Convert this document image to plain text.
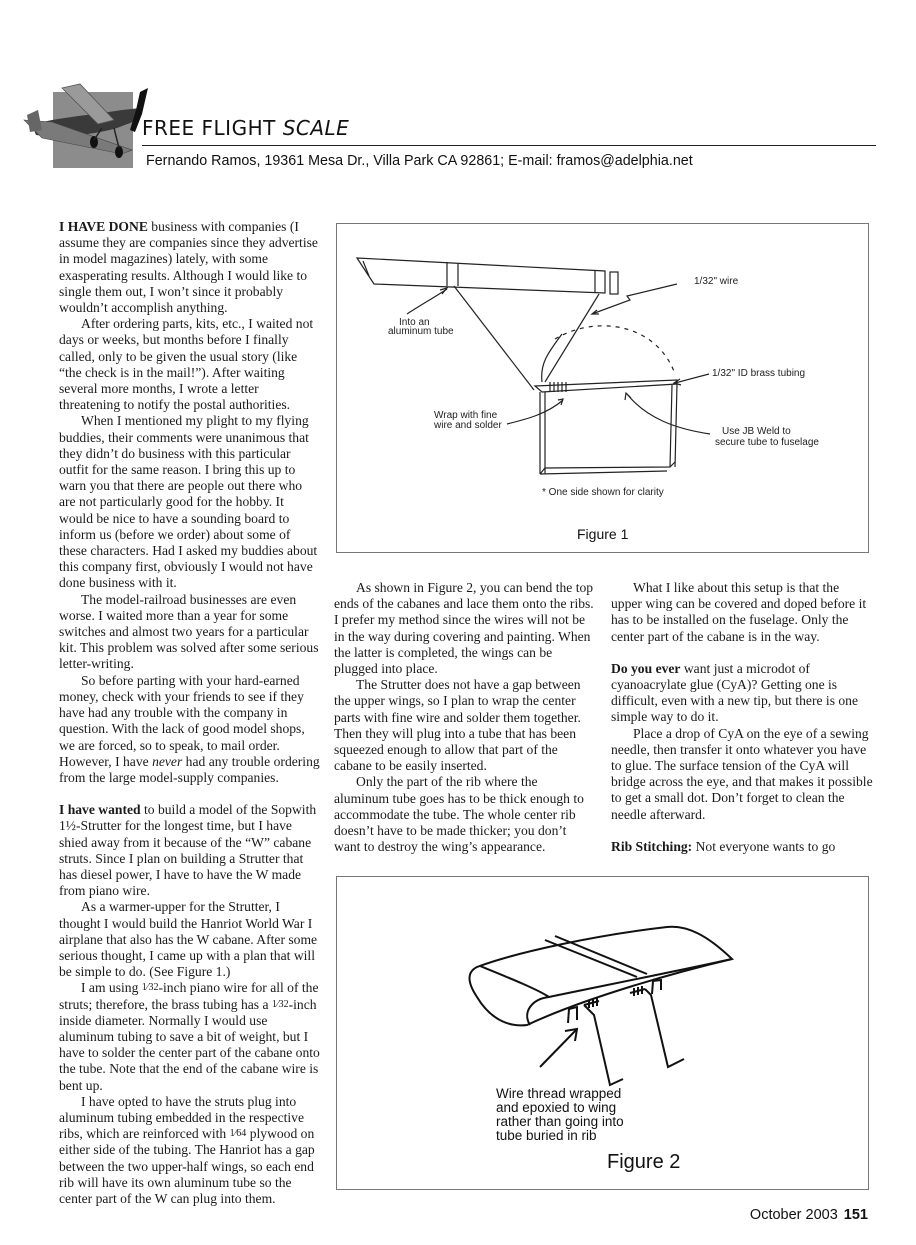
FREE FLIGHT SCALE
Fernando Ramos, 19361 Mesa Dr., Villa Park CA 92861; E-mail: framos@adelphia.net

I HAVE DONE business with companies (I assume they are companies since they advertise in model magazines) lately, with some exasperating results. Although I would like to single them out, I won’t since it probably wouldn’t accomplish anything.

After ordering parts, kits, etc., I waited not days or weeks, but months before I finally called, only to be given the usual story (like “the check is in the mail!”). After waiting several more months, I wrote a letter threatening to notify the postal authorities.

When I mentioned my plight to my flying buddies, their comments were unanimous that they didn’t do business with this particular outfit for the same reason. I bring this up to warn you that there are people out there who are not particularly good for the hobby. It would be nice to have a sounding board to inform us (before we order) about some of these characters. Had I asked my buddies about this company first, obviously I would not have done business with it.

The model-railroad businesses are even worse. I waited more than a year for some switches and almost two years for a particular kit. This problem was solved after some serious letter-writing.

So before parting with your hard-earned money, check with your friends to see if they have had any trouble with the company in question. With the lack of good model shops, we are forced, so to speak, to mail order. However, I have never had any trouble ordering from the large model-supply companies.

I have wanted to build a model of the Sopwith 1½-Strutter for the longest time, but I have shied away from it because of the “W” cabane struts. Since I plan on building a Strutter that has diesel power, I have to have the W made from piano wire.

As a warmer-upper for the Strutter, I thought I would build the Hanriot World War I airplane that also has the W cabane. After some serious thought, I came up with a plan that will be simple to do. (See Figure 1.)

I am using 1⁄32-inch piano wire for all of the struts; therefore, the brass tubing has a 1⁄32-inch inside diameter. Normally I would use aluminum tubing to save a bit of weight, but I have to solder the center part of the cabane onto the tube. Note that the end of the cabane wire is bent up.

I have opted to have the struts plug into aluminum tubing embedded in the respective ribs, which are reinforced with 1⁄64 plywood on either side of the tubing. The Hanriot has a gap between the two upper-half wings, so each end rib will have its own aluminum tube so the center part of the W can plug into them.

1/32" wire
Into an
aluminum tube
1/32" ID brass tubing
Wrap with fine
wire and solder
Use JB Weld to
secure tube to fuselage
* One side shown for clarity
Figure 1

As shown in Figure 2, you can bend the top ends of the cabanes and lace them onto the ribs. I prefer my method since the wires will not be in the way during covering and painting. When the latter is completed, the wings can be plugged into place.

The Strutter does not have a gap between the upper wings, so I plan to wrap the center parts with fine wire and solder them together. Then they will plug into a tube that has been squeezed enough to allow that part of the cabane to be easily inserted.

Only the part of the rib where the aluminum tube goes has to be thick enough to accommodate the tube. The whole center rib doesn’t have to be made thicker; you don’t want to destroy the wing’s appearance.

What I like about this setup is that the upper wing can be covered and doped before it has to be installed on the fuselage. Only the center part of the cabane is in the way.

Do you ever want just a microdot of cyanoacrylate glue (CyA)? Getting one is difficult, even with a new tip, but there is one simple way to do it.

Place a drop of CyA on the eye of a sewing needle, then transfer it onto whatever you have to glue. The surface tension of the CyA will bridge across the eye, and that makes it possible to get a small dot. Don’t forget to clean the needle afterward.

Rib Stitching: Not everyone wants to go

Wire thread wrapped
and epoxied to wing
rather than going into
tube buried in rib
Figure 2
October 2003 151
